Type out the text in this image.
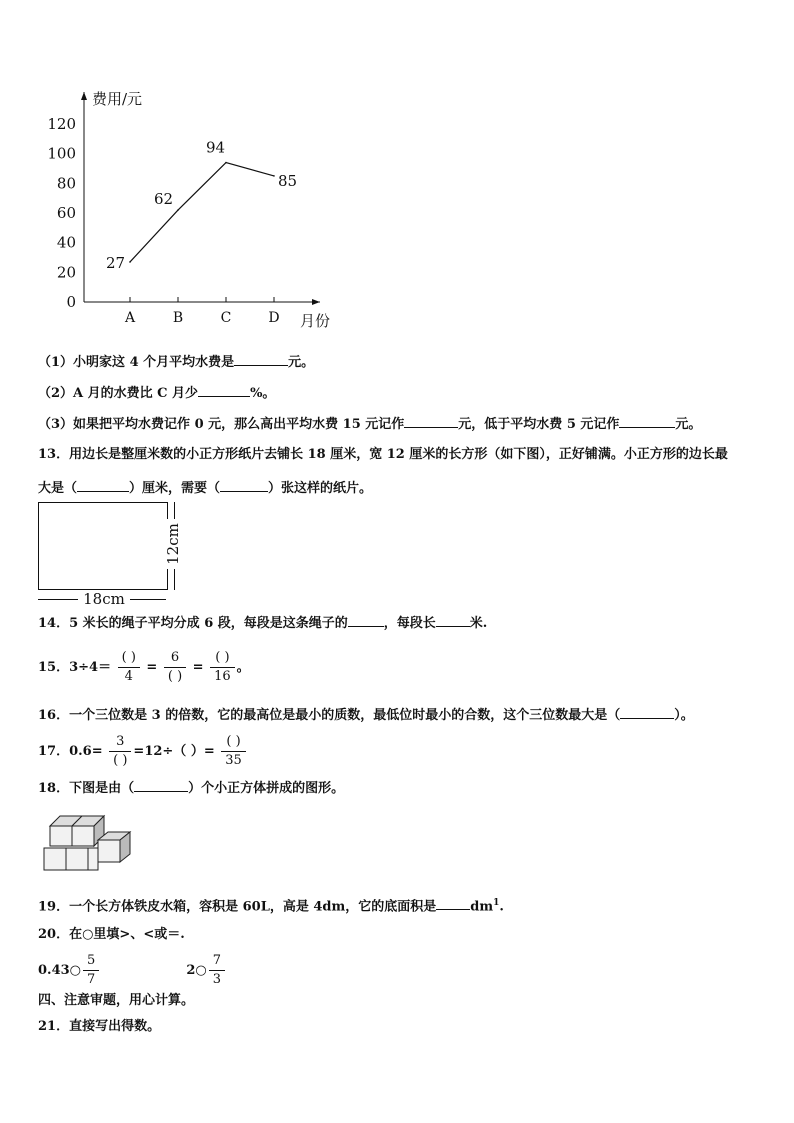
费用/元
月份
0
20
40
60
80
100
120
A	B	C	D
27
62
94
85
（1）小明家这 4 个月平均水费是	元。
（2）A 月的水费比 C 月少	%。
（3）如果把平均水费记作 0 元，那么高出平均水费 15 元记作	元，低于平均水费 5 元记作	元。
13．用边长是整厘米数的小正方形纸片去铺长 18 厘米，宽 12 厘米的长方形（如下图），正好铺满。小正方形的边长最
大是（	）厘米，需要（	）张这样的纸片。
12cm
18cm
14．5 米长的绳子平均分成 6 段，每段是这条绳子的	，每段长	米.
15．$3\div 4= \frac{( )}{4} = \frac{6}{( )} = \frac{( )}{16}$ 。
16．一个三位数是 3 的倍数，它的最高位是最小的质数，最低位时最小的合数，这个三位数最大是（	）。
17．$0.6= \frac{3}{( )} =12\div$（ ）= $\frac{( )}{35}$
18．下图是由（	）个小正方体拼成的图形。
19．一个长方体铁皮水箱，容积是 60L，高是 4dm，它的底面积是	$dm^1$.
20．在○里填>、<或＝.
0.43○ $\frac{5}{7}$	2○ $\frac{7}{3}$
四、注意审题，用心计算。
21．直接写出得数。
